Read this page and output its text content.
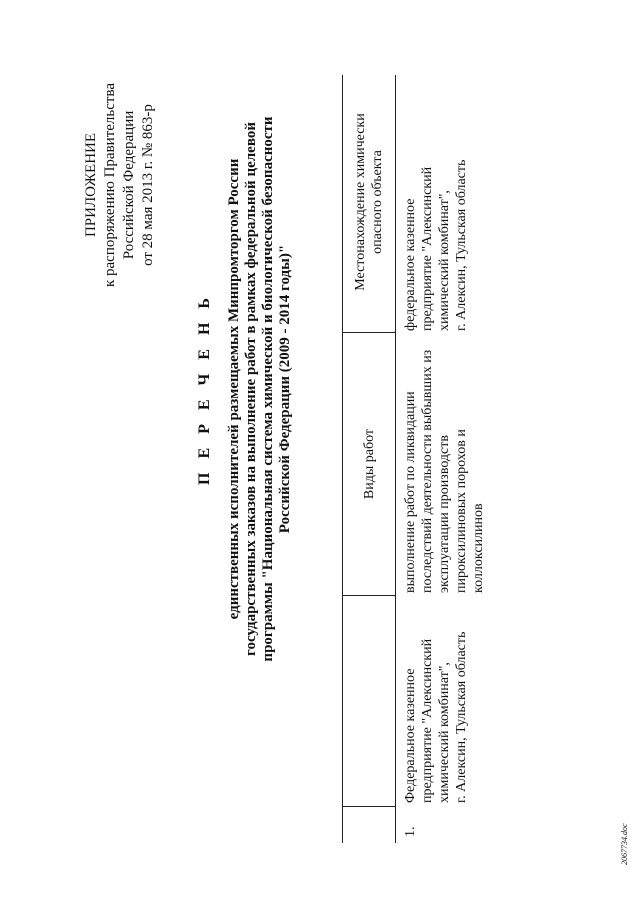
ПРИЛОЖЕНИЕ к распоряжению Правительства Российской Федерации от 28 мая 2013 г. № 863-р
П Е Р Е Ч Е Н Ь единственных исполнителей размещаемых Минпромторгом России государственных заказов на выполнение работ в рамках федеральной целевой программы "Национальная система химической и биологической безопасности Российской Федерации (2009 - 2014 годы)"	Виды работ
Местонахождение химически опасного объекта
1.
Федеральное казенное предприятие "Алексинский химический комбинат", г. Алексин, Тульская область
выполнение работ по ликвидации последствий деятельности выбывших из эксплуатации производств пироксилиновых порохов и коллоксилинов
федеральное казенное предприятие "Алексинский химический комбинат", г. Алексин, Тульская область
2067734.doc
